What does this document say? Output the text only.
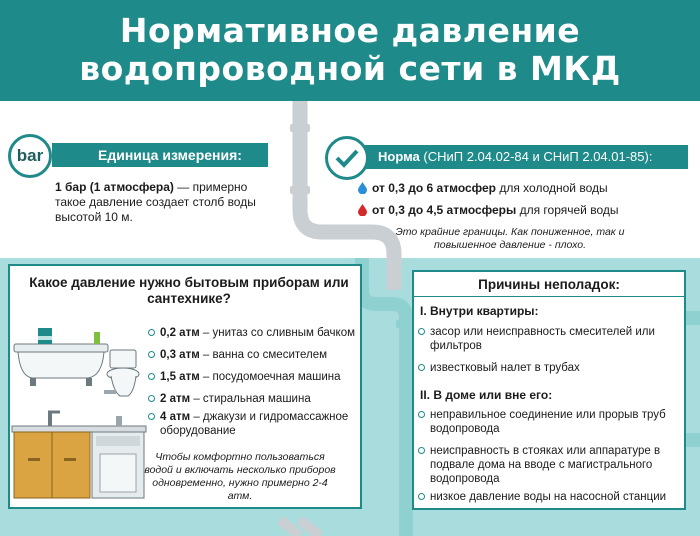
Нормативное давление
водопроводной сети в МКД
Единица измерения:
bar
1 бар (1 атмосфера) — примерно такое давление создает столб воды высотой 10 м.
Норма (СНиП 2.04.02-84 и СНиП 2.04.01-85):
от 0,3 до 6 атмосфер для холодной воды
от 0,3 до 4,5 атмосферы для горячей воды
Это крайние границы. Как пониженное, так и повышенное давление - плохо.
Какое давление нужно бытовым приборам или сантехнике?
0,2 атм – унитаз со сливным бачком
0,3 атм – ванна со смесителем
1,5 атм – посудомоечная машина
2 атм – стиральная машина
4 атм – джакузи и гидромассажное оборудование
Чтобы комфортно пользоваться водой и включать несколько приборов одновременно, нужно примерно 2-4 атм.
Причины неполадок:
I. Внутри квартиры:
засор или неисправность смесителей или фильтров
известковый налет в трубах
II. В доме или вне его:
неправильное соединение или прорыв труб водопровода
неисправность в стояках или аппаратуре в подвале дома на вводе с магистрального водопровода
низкое давление воды на насосной станции
